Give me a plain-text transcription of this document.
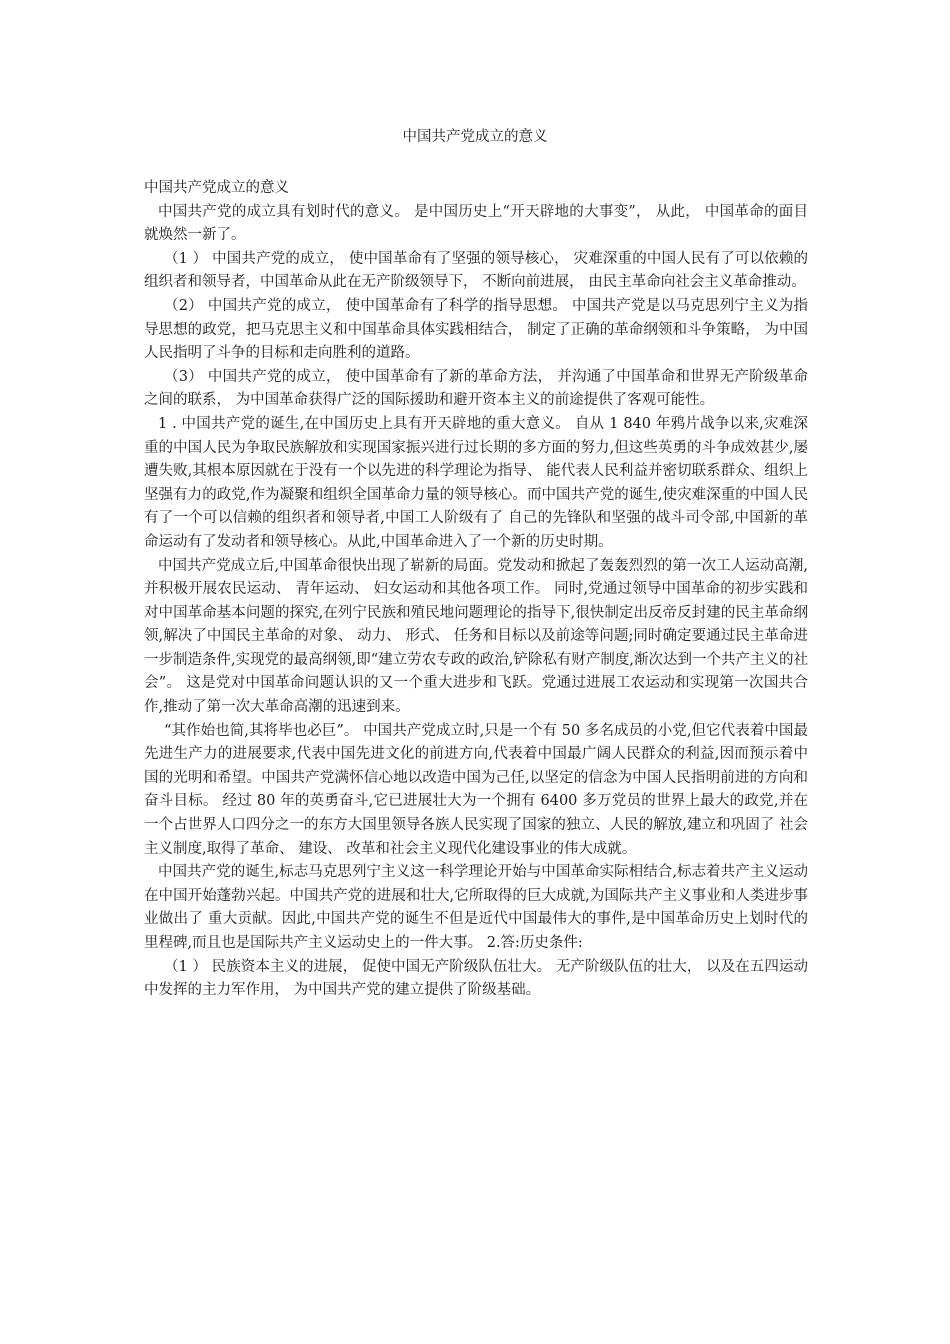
中国共产党成立的意义

中国共产党成立的意义

中国共产党的成立具有划时代的意义。 是中国历史上“开天辟地的大事变”， 从此， 中国革命的面目就焕然一新了。

（1 ） 中国共产党的成立， 使中国革命有了坚强的领导核心， 灾难深重的中国人民有了可以依赖的组织者和领导者，中国革命从此在无产阶级领导下， 不断向前进展， 由民主革命向社会主义革命推动。

（2） 中国共产党的成立， 使中国革命有了科学的指导思想。 中国共产党是以马克思列宁主义为指导思想的政党，把马克思主义和中国革命具体实践相结合， 制定了正确的革命纲领和斗争策略， 为中国人民指明了斗争的目标和走向胜利的道路。

（3） 中国共产党的成立， 使中国革命有了新的革命方法， 并沟通了中国革命和世界无产阶级革命之间的联系， 为中国革命获得广泛的国际援助和避开资本主义的前途提供了客观可能性。

1 . 中国共产党的诞生,在中国历史上具有开天辟地的重大意义。 自从 1 840 年鸦片战争以来,灾难深重的中国人民为争取民族解放和实现国家振兴进行过长期的多方面的努力,但这些英勇的斗争成效甚少,屡遭失败,其根本原因就在于没有一个以先进的科学理论为指导、 能代表人民利益并密切联系群众、组织上坚强有力的政党,作为凝聚和组织全国革命力量的领导核心。而中国共产党的诞生,使灾难深重的中国人民有了一个可以信赖的组织者和领导者,中国工人阶级有了 自己的先锋队和坚强的战斗司令部,中国新的革命运动有了发动者和领导核心。从此,中国革命进入了一个新的历史时期。

中国共产党成立后,中国革命很快出现了崭新的局面。党发动和掀起了轰轰烈烈的第一次工人运动高潮,并积极开展农民运动、 青年运动、 妇女运动和其他各项工作。 同时,党通过领导中国革命的初步实践和对中国革命基本问题的探究,在列宁民族和殖民地问题理论的指导下,很快制定出反帝反封建的民主革命纲领,解决了中国民主革命的对象、 动力、 形式、 任务和目标以及前途等问题;同时确定要通过民主革命进一步制造条件,实现党的最高纲领,即“建立劳农专政的政治,铲除私有财产制度,渐次达到一个共产主义的社会”。 这是党对中国革命问题认识的又一个重大进步和飞跃。党通过进展工农运动和实现第一次国共合作,推动了第一次大革命高潮的迅速到来。

“其作始也简,其将毕也必巨”。 中国共产党成立时,只是一个有 50 多名成员的小党,但它代表着中国最先进生产力的进展要求,代表中国先进文化的前进方向,代表着中国最广阔人民群众的利益,因而预示着中国的光明和希望。中国共产党满怀信心地以改造中国为己任,以坚定的信念为中国人民指明前进的方向和奋斗目标。 经过 80 年的英勇奋斗,它已进展壮大为一个拥有 6400 多万党员的世界上最大的政党,并在一个占世界人口四分之一的东方大国里领导各族人民实现了国家的独立、人民的解放,建立和巩固了 社会主义制度,取得了革命、 建设、 改革和社会主义现代化建设事业的伟大成就。

中国共产党的诞生,标志马克思列宁主义这一科学理论开始与中国革命实际相结合,标志着共产主义运动在中国开始蓬勃兴起。中国共产党的进展和壮大,它所取得的巨大成就,为国际共产主义事业和人类进步事业做出了 重大贡献。因此,中国共产党的诞生不但是近代中国最伟大的事件,是中国革命历史上划时代的里程碑,而且也是国际共产主义运动史上的一件大事。 2.答:历史条件:

（1 ） 民族资本主义的进展， 促使中国无产阶级队伍壮大。 无产阶级队伍的壮大， 以及在五四运动中发挥的主力军作用， 为中国共产党的建立提供了阶级基础。
